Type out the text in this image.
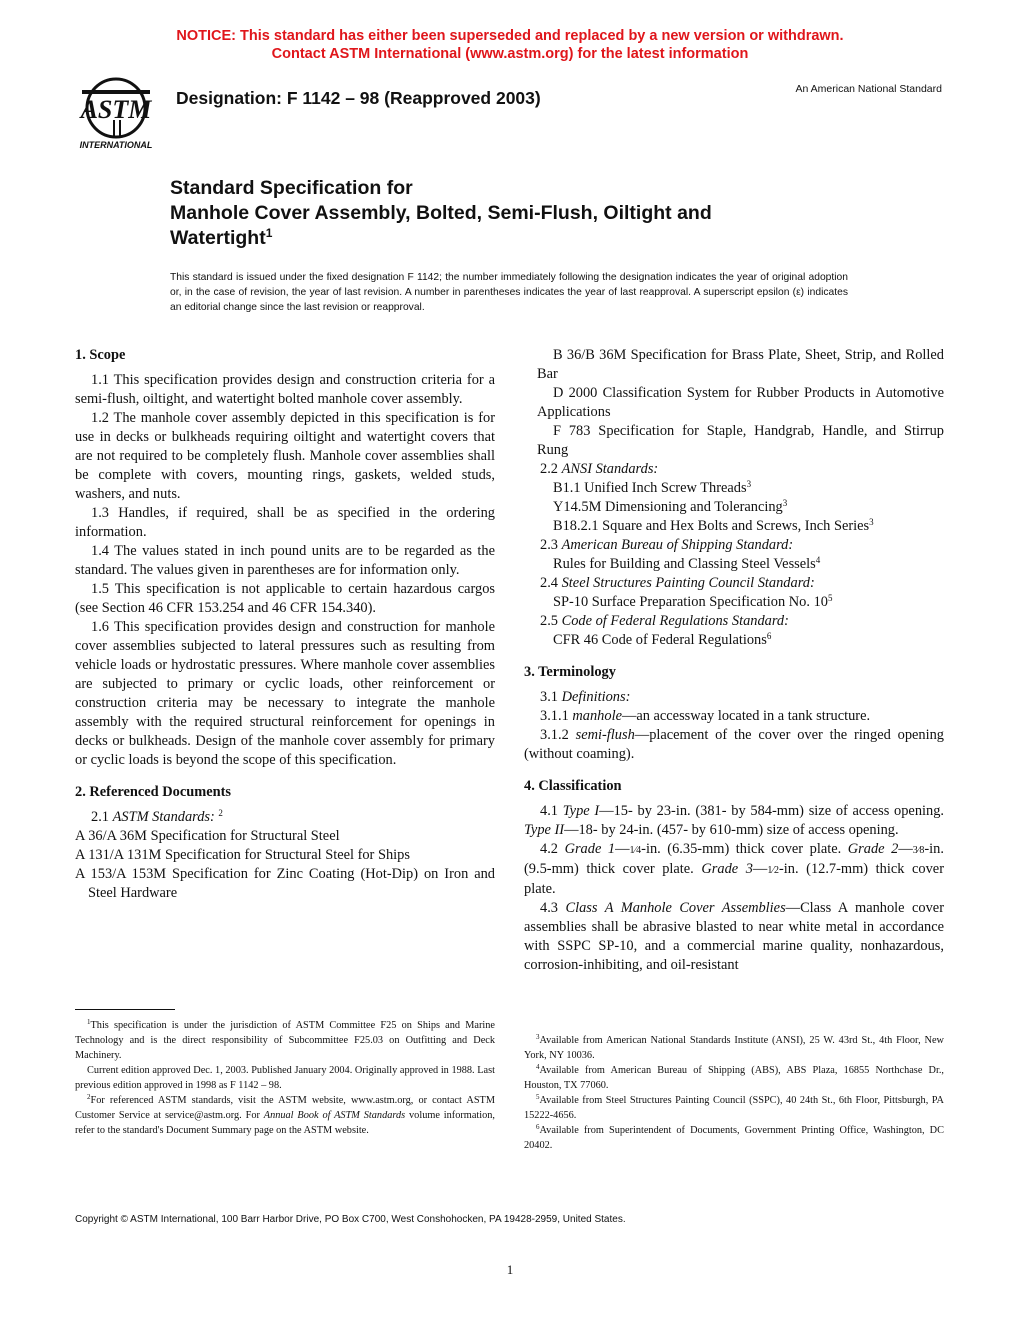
NOTICE: This standard has either been superseded and replaced by a new version or withdrawn.
Contact ASTM International (www.astm.org) for the latest information
ASTM
INTERNATIONAL
Designation: F 1142 – 98 (Reapproved 2003)	An American National Standard
Standard Specification for
Manhole Cover Assembly, Bolted, Semi-Flush, Oiltight and
Watertight$^1$
This standard is issued under the fixed designation F 1142; the number immediately following the designation indicates the year of original adoption or, in the case of revision, the year of last revision. A number in parentheses indicates the year of last reapproval. A superscript epsilon (ε) indicates an editorial change since the last revision or reapproval.
1. Scope

1.1 This specification provides design and construction criteria for a semi-flush, oiltight, and watertight bolted manhole cover assembly.

1.2 The manhole cover assembly depicted in this specification is for use in decks or bulkheads requiring oiltight and watertight covers that are not required to be completely flush. Manhole cover assemblies shall be complete with covers, mounting rings, gaskets, welded studs, washers, and nuts.

1.3 Handles, if required, shall be as specified in the ordering information.

1.4 The values stated in inch pound units are to be regarded as the standard. The values given in parentheses are for information only.

1.5 This specification is not applicable to certain hazardous cargos (see Section 46 CFR 153.254 and 46 CFR 154.340).

1.6 This specification provides design and construction for manhole cover assemblies subjected to lateral pressures such as resulting from vehicle loads or hydrostatic pressures. Where manhole cover assemblies are subjected to primary or cyclic loads, other reinforcement or construction criteria may be necessary to integrate the manhole assembly with the required structural reinforcement for openings in decks or bulkheads. Design of the manhole cover assembly for primary or cyclic loads is beyond the scope of this specification.

2. Referenced Documents

2.1 ASTM Standards: $^2$

A 36/A 36M Specification for Structural Steel

A 131/A 131M Specification for Structural Steel for Ships

A 153/A 153M Specification for Zinc Coating (Hot-Dip) on Iron and Steel Hardware

B 36/B 36M Specification for Brass Plate, Sheet, Strip, and Rolled Bar

D 2000 Classification System for Rubber Products in Automotive Applications

F 783 Specification for Staple, Handgrab, Handle, and Stirrup Rung

2.2 ANSI Standards:

B1.1 Unified Inch Screw Threads$^3$

Y14.5M Dimensioning and Tolerancing$^3$

B18.2.1 Square and Hex Bolts and Screws, Inch Series$^3$

2.3 American Bureau of Shipping Standard:

Rules for Building and Classing Steel Vessels$^4$

2.4 Steel Structures Painting Council Standard:

SP-10 Surface Preparation Specification No. $10^5$

2.5 Code of Federal Regulations Standard:

CFR 46 Code of Federal Regulations$^6$

3. Terminology

3.1 Definitions:

3.1.1 manhole—an accessway located in a tank structure.

3.1.2 semi-flush—placement of the cover over the ringed opening (without coaming).

4. Classification

4.1 Type I—15- by 23-in. (381- by 584-mm) size of access opening. Type II—18- by 24-in. (457- by 610-mm) size of access opening.

4.2 Grade 1—1⁄4-in. (6.35-mm) thick cover plate. Grade 2—3⁄8-in. (9.5-mm) thick cover plate. Grade 3—1⁄2-in. (12.7-mm) thick cover plate.

4.3 Class A Manhole Cover Assemblies—Class A manhole cover assemblies shall be abrasive blasted to near white metal in accordance with SSPC SP-10, and a commercial marine quality, nonhazardous, corrosion-inhibiting, and oil-resistant

$^1$This specification is under the jurisdiction of ASTM Committee F25 on Ships and Marine Technology and is the direct responsibility of Subcommittee F25.03 on Outfitting and Deck Machinery.

Current edition approved Dec. 1, 2003. Published January 2004. Originally approved in 1988. Last previous edition approved in 1998 as F 1142 – 98.

$^2$For referenced ASTM standards, visit the ASTM website, www.astm.org, or contact ASTM Customer Service at service@astm.org. For Annual Book of ASTM Standards volume information, refer to the standard's Document Summary page on the ASTM website.

$^3$Available from American National Standards Institute (ANSI), 25 W. 43rd St., 4th Floor, New York, NY 10036.

$^4$Available from American Bureau of Shipping (ABS), ABS Plaza, 16855 Northchase Dr., Houston, TX 77060.

$^5$Available from Steel Structures Painting Council (SSPC), 40 24th St., 6th Floor, Pittsburgh, PA 15222-4656.

$^6$Available from Superintendent of Documents, Government Printing Office, Washington, DC 20402.

Copyright © ASTM International, 100 Barr Harbor Drive, PO Box C700, West Conshohocken, PA 19428-2959, United States.
1
